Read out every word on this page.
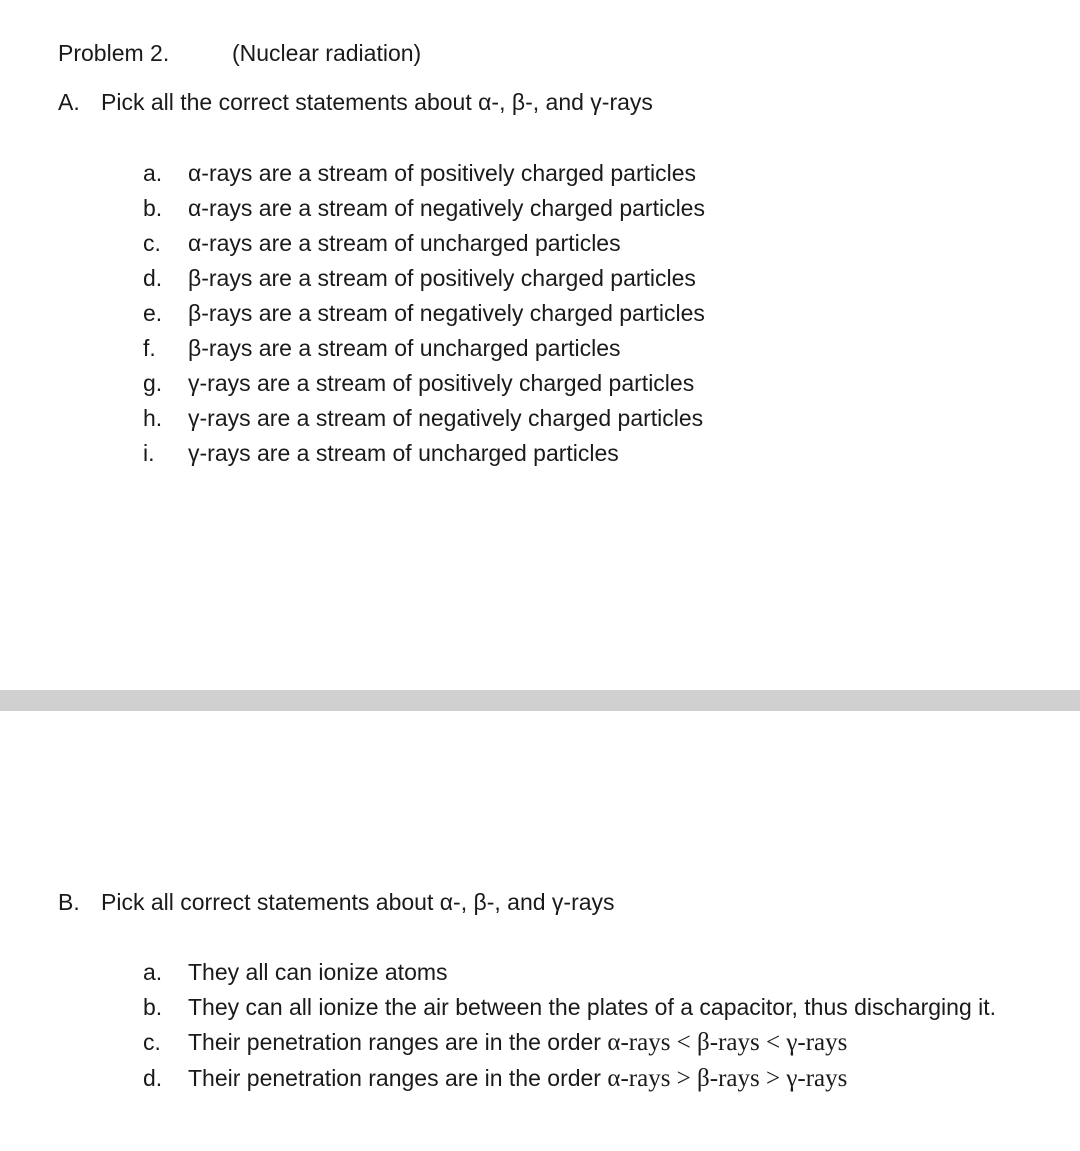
Problem 2.	(Nuclear radiation)
A. Pick all the correct statements about α-, β-, and γ-rays
a. α-rays are a stream of positively charged particles
b. α-rays are a stream of negatively charged particles
c. α-rays are a stream of uncharged particles
d. β-rays are a stream of positively charged particles
e. β-rays are a stream of negatively charged particles
f. β-rays are a stream of uncharged particles
g. γ-rays are a stream of positively charged particles
h. γ-rays are a stream of negatively charged particles
i. γ-rays are a stream of uncharged particles
B. Pick all correct statements about α-, β-, and γ-rays
a. They all can ionize atoms
b. They can all ionize the air between the plates of a capacitor, thus discharging it.
c. Their penetration ranges are in the order α-rays < β-rays < γ-rays
d. Their penetration ranges are in the order α-rays > β-rays > γ-rays
